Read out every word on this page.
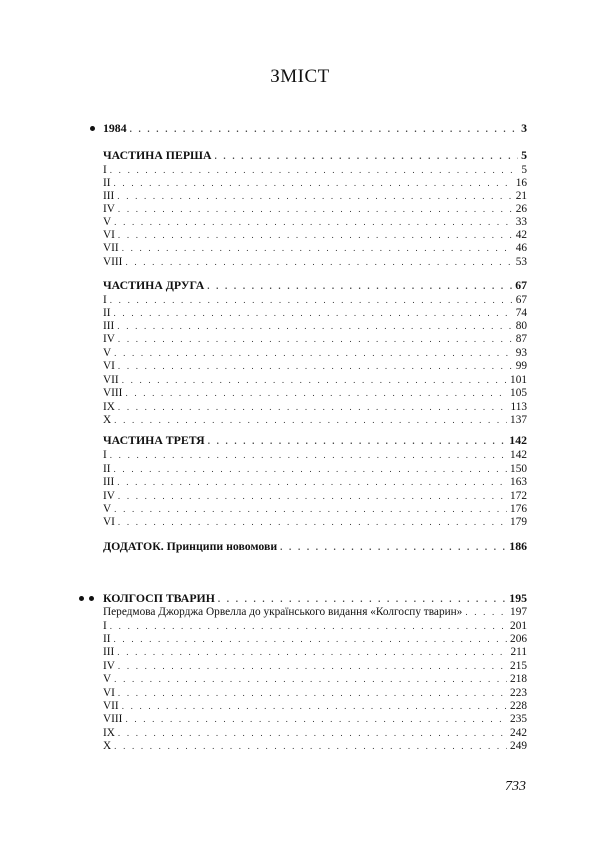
ЗМІСТ
1984 . . .	3
ЧАСТИНА ПЕРША . . .	5
I . . .	5
II . . .	16
III . . .	21
IV . . .	26
V . . .	33
VI . . .	42
VII . . .	46
VIII . . .	53
ЧАСТИНА ДРУГА . . .	67
I . . .	67
II . . .	74
III . . .	80
IV . . .	87
V . . .	93
VI . . .	99
VII . . .	101
VIII . . .	105
IX . . .	113
X . . .	137
ЧАСТИНА ТРЕТЯ . . .	142
I . . .	142
II . . .	150
III . . .	163
IV . . .	172
V . . .	176
VI . . .	179
ДОДАТОК. Принципи новомови . . .	186
КОЛГОСП ТВАРИН . . .	195
Передмова Джорджа Орвелла до українського видання «Колгоспу тварин» . . .	197
I . . .	201
II . . .	206
III . . .	211
IV . . .	215
V . . .	218
VI . . .	223
VII . . .	228
VIII . . .	235
IX . . .	242
X . . .	249
733
